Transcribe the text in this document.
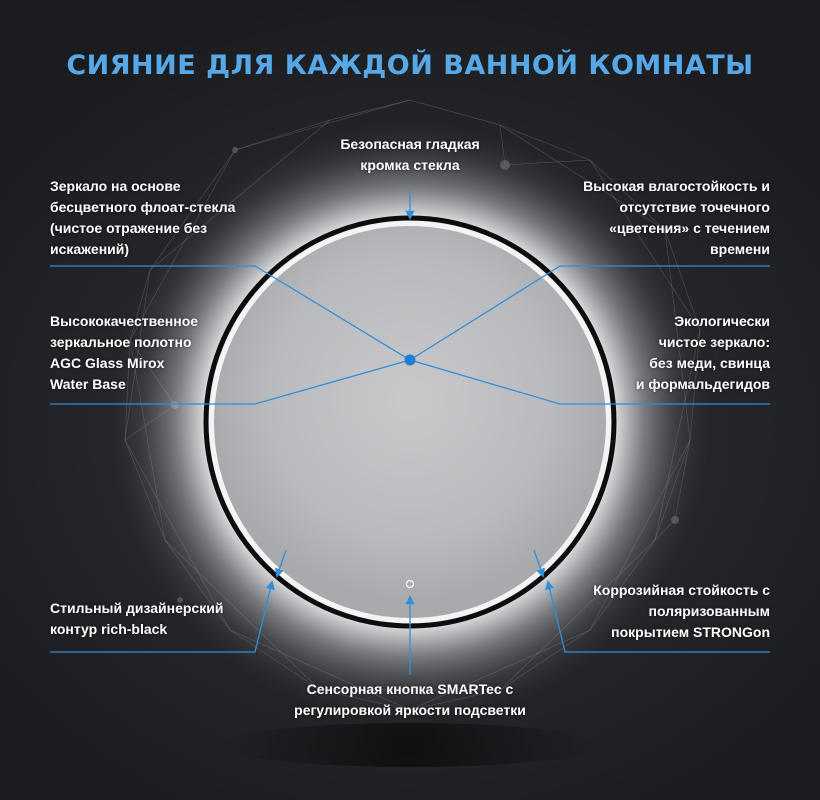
СИЯНИЕ ДЛЯ КАЖДОЙ ВАННОЙ КОМНАТЫ
Безопасная гладкая
кромка стекла
Зеркало на основе
бесцветного флоат-стекла
(чистое отражение без
искажений)
Высококачественное
зеркальное полотно
AGC Glass Mirox
Water Base
Стильный дизайнерский
контур rich-black
Высокая влагостойкость и
отсутствие точечного
«цветения» с течением
времени
Экологически
чистое зеркало:
без меди, свинца
и формальдегидов
Коррозийная стойкость с
поляризованным
покрытием STRONGon
Сенсорная кнопка SMARTec с
регулировкой яркости подсветки
